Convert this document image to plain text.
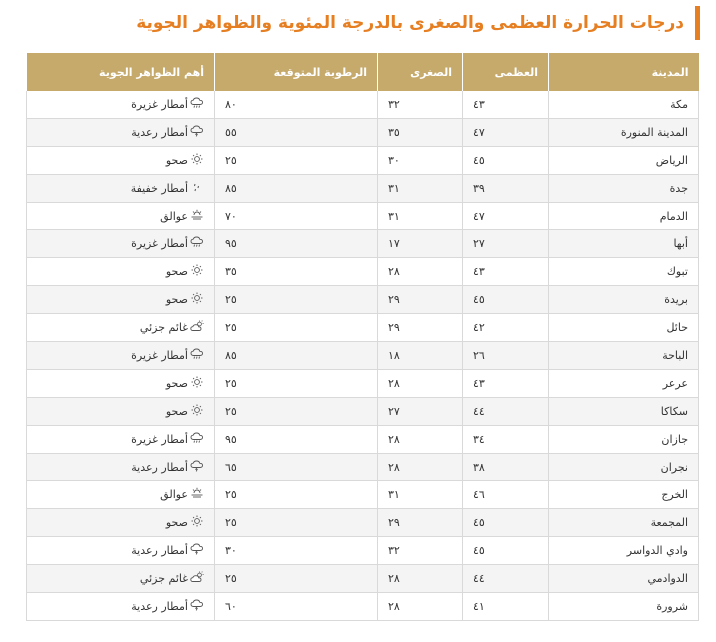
درجات الحرارة العظمى والصغرى بالدرجة المئوية والظواهر الجوية
المدينة	العظمى	الصغرى	الرطوبة المتوقعة	أهم الظواهر الجوية
مكة	٤٣	٣٢	٨٠	أمطار غزيرة

المدينة المنورة	٤٧	٣٥	٥٥	أمطار رعدية

الرياض	٤٥	٣٠	٢٥	صحو

جدة	٣٩	٣١	٨٥	أمطار خفيفة

الدمام	٤٧	٣١	٧٠	عوالق

أبها	٢٧	١٧	٩٥	أمطار غزيرة

تبوك	٤٣	٢٨	٣٥	صحو

بريدة	٤٥	٢٩	٢٥	صحو

حائل	٤٢	٢٩	٢٥	غائم جزئي

الباحة	٢٦	١٨	٨٥	أمطار غزيرة

عرعر	٤٣	٢٨	٢٥	صحو

سكاكا	٤٤	٢٧	٢٥	صحو

جازان	٣٤	٢٨	٩٥	أمطار غزيرة

نجران	٣٨	٢٨	٦٥	أمطار رعدية

الخرج	٤٦	٣١	٢٥	عوالق

المجمعة	٤٥	٢٩	٢٥	صحو

وادي الدواسر	٤٥	٣٢	٣٠	أمطار رعدية

الدوادمي	٤٤	٢٨	٢٥	غائم جزئي

شرورة	٤١	٢٨	٦٠	أمطار رعدية
